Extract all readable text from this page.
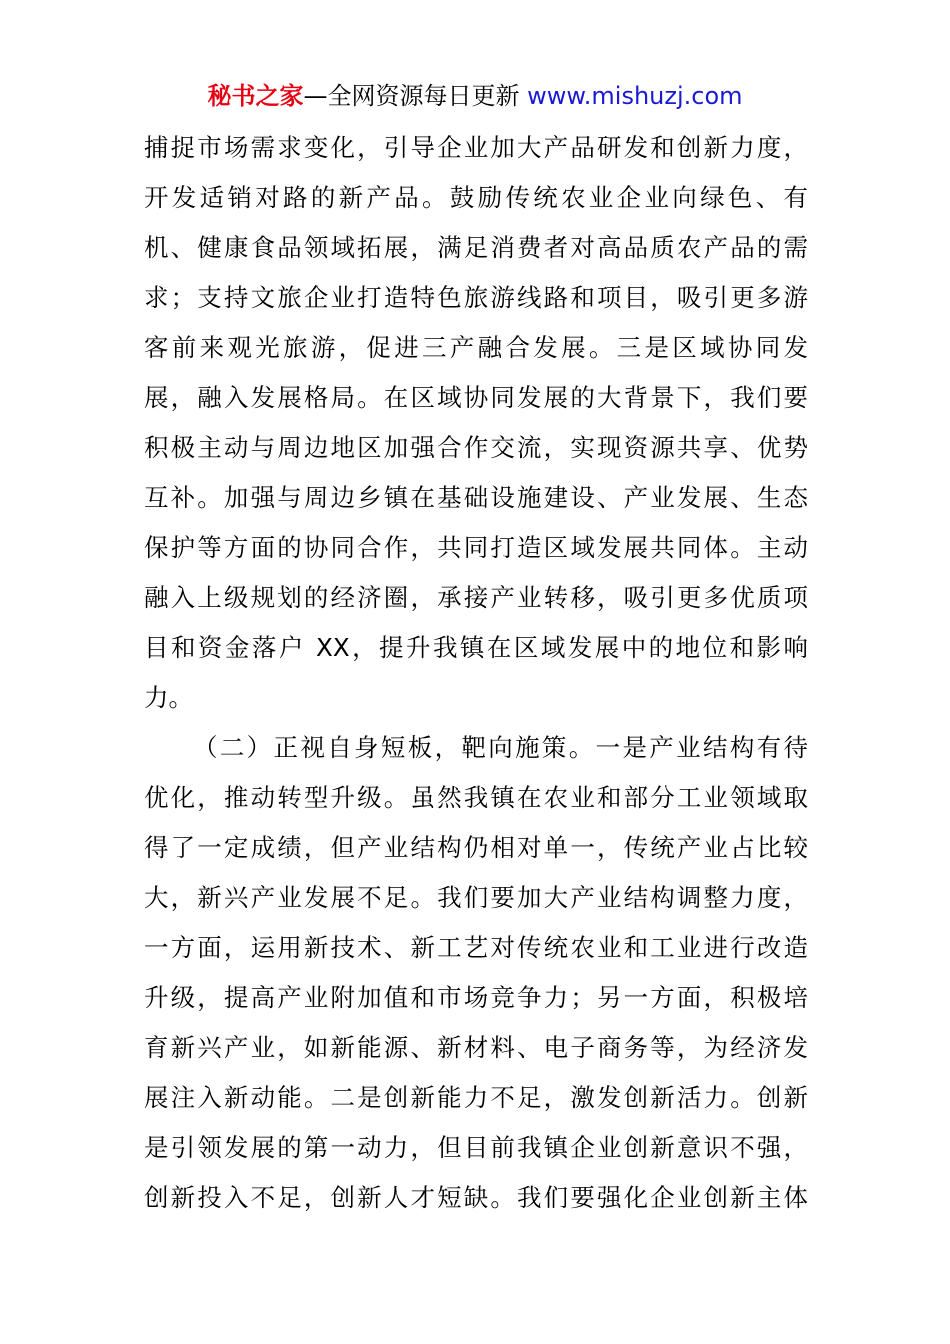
秘书之家—全网资源每日更新 www.mishuzj.com
捕捉市场需求变化，引导企业加大产品研发和创新力度，
开发适销对路的新产品。鼓励传统农业企业向绿色、有
机、健康食品领域拓展，满足消费者对高品质农产品的需
求；支持文旅企业打造特色旅游线路和项目，吸引更多游
客前来观光旅游，促进三产融合发展。三是区域协同发
展，融入发展格局。在区域协同发展的大背景下，我们要
积极主动与周边地区加强合作交流，实现资源共享、优势
互补。加强与周边乡镇在基础设施建设、产业发展、生态
保护等方面的协同合作，共同打造区域发展共同体。主动
融入上级规划的经济圈，承接产业转移，吸引更多优质项
目和资金落户 XX，提升我镇在区域发展中的地位和影响
力。
（二）正视自身短板，靶向施策。一是产业结构有待
优化，推动转型升级。虽然我镇在农业和部分工业领域取
得了一定成绩，但产业结构仍相对单一，传统产业占比较
大，新兴产业发展不足。我们要加大产业结构调整力度，
一方面，运用新技术、新工艺对传统农业和工业进行改造
升级，提高产业附加值和市场竞争力；另一方面，积极培
育新兴产业，如新能源、新材料、电子商务等，为经济发
展注入新动能。二是创新能力不足，激发创新活力。创新
是引领发展的第一动力，但目前我镇企业创新意识不强，
创新投入不足，创新人才短缺。我们要强化企业创新主体
